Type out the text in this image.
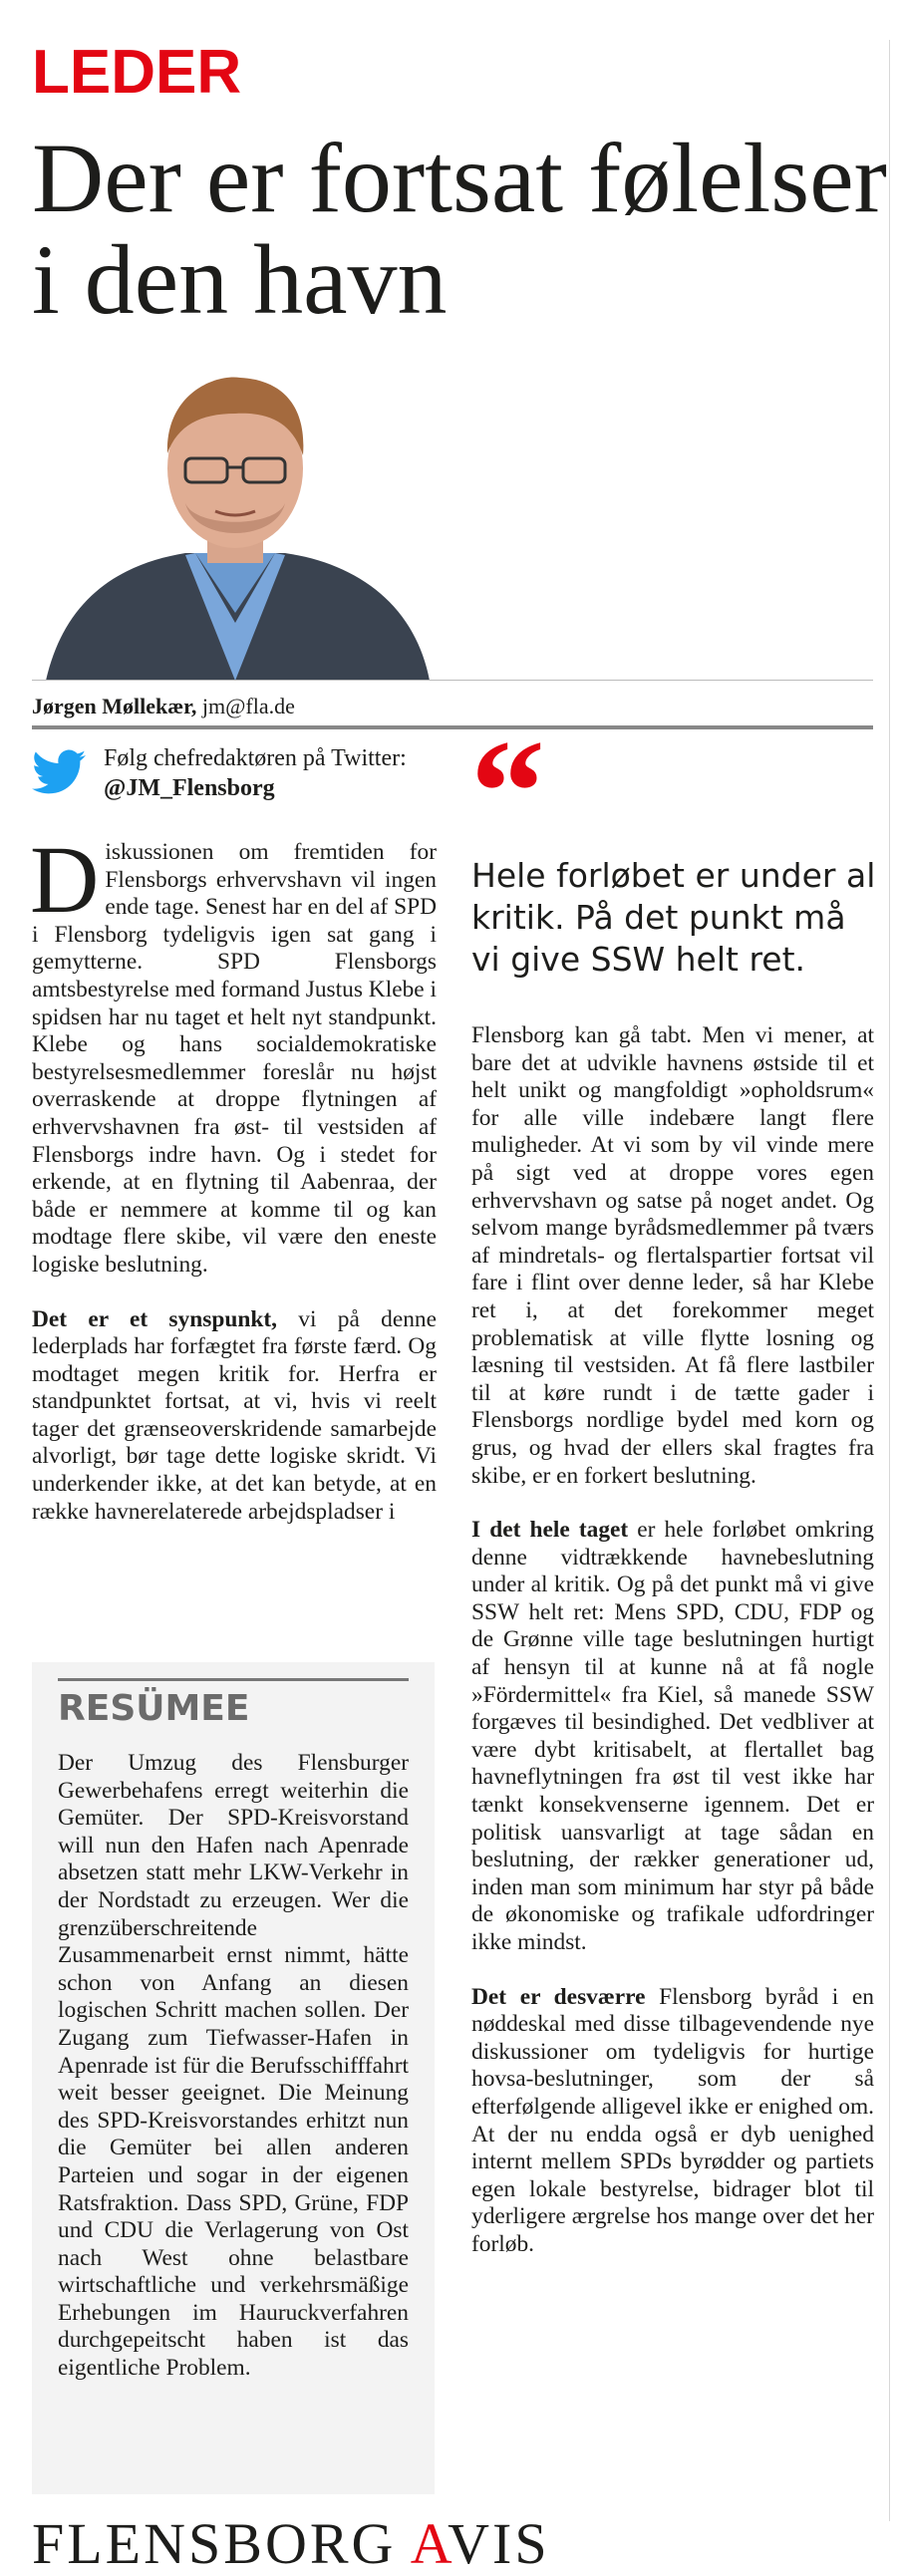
LEDER
Der er fortsat følelser i den havn
Jørgen Møllekær, jm@fla.de
Følg chefredaktøren på Twitter:
@JM_Flensborg	“
Hele forløbet er under al kritik. På det punkt må vi give SSW helt ret.

Diskussionen om fremtiden for Flensborgs erhvervshavn vil ingen ende tage. Senest har en del af SPD i Flensborg tydeligvis igen sat gang i gemytterne. SPD Flensborgs amtsbestyrelse med formand Justus Klebe i spidsen har nu taget et helt nyt standpunkt. Klebe og hans socialdemokratiske bestyrelsesmedlemmer foreslår nu højst overraskende at droppe flytningen af erhvervshavnen fra øst- til vestsiden af Flensborgs indre havn. Og i stedet for erkende, at en flytning til Aabenraa, der både er nemmere at komme til og kan modtage flere skibe, vil være den eneste logiske beslutning.

Det er et synspunkt, vi på denne lederplads har forfægtet fra første færd. Og modtaget megen kritik for. Herfra er standpunktet fortsat, at vi, hvis vi reelt tager det grænseoverskridende samarbejde alvorligt, bør tage dette logiske skridt. Vi underkender ikke, at det kan betyde, at en række havnerelaterede arbejdspladser i

Flensborg kan gå tabt. Men vi mener, at bare det at udvikle havnens østside til et helt unikt og mangfoldigt »opholdsrum« for alle ville indebære langt flere muligheder. At vi som by vil vinde mere på sigt ved at droppe vores egen erhvervshavn og satse på noget andet. Og selvom mange byrådsmedlemmer på tværs af mindretals- og flertalspartier fortsat vil fare i flint over denne leder, så har Klebe ret i, at det forekommer meget problematisk at ville flytte losning og læsning til vestsiden. At få flere lastbiler til at køre rundt i de tætte gader i Flensborgs nordlige bydel med korn og grus, og hvad der ellers skal fragtes fra skibe, er en forkert beslutning.

I det hele taget er hele forløbet omkring denne vidtrækkende havnebeslutning under al kritik. Og på det punkt må vi give SSW helt ret: Mens SPD, CDU, FDP og de Grønne ville tage beslutningen hurtigt af hensyn til at kunne nå at få nogle »Fördermittel« fra Kiel, så manede SSW forgæves til besindighed. Det vedbliver at være dybt kritisabelt, at flertallet bag havneflytningen fra øst til vest ikke har tænkt konsekvenserne igennem. Det er politisk uansvarligt at tage sådan en beslutning, der rækker generationer ud, inden man som minimum har styr på både de økonomiske og trafikale udfordringer ikke mindst.

Det er desværre Flensborg byråd i en nøddeskal med disse tilbagevendende nye diskussioner om tydeligvis for hurtige hovsa-beslutninger, som der så efterfølgende alligevel ikke er enighed om. At der nu endda også er dyb uenighed internt mellem SPDs byrødder og partiets egen lokale bestyrelse, bidrager blot til yderligere ærgrelse hos mange over det her forløb.

RESÜMEE
Der Umzug des Flensburger Gewerbehafens erregt weiterhin die Gemüter. Der SPD-Kreisvorstand will nun den Hafen nach Apenrade absetzen statt mehr LKW-Verkehr in der Nordstadt zu erzeugen. Wer die grenzüberschreitende Zusammenarbeit ernst nimmt, hätte schon von Anfang an diesen logischen Schritt machen sollen. Der Zugang zum Tiefwasser-Hafen in Apenrade ist für die Berufsschifffahrt weit besser geeignet. Die Meinung des SPD-Kreisvorstandes erhitzt nun die Gemüter bei allen anderen Parteien und sogar in der eigenen Ratsfraktion. Dass SPD, Grüne, FDP und CDU die Verlagerung von Ost nach West ohne belastbare wirtschaftliche und verkehrsmäßige Erhebungen im Hauruckverfahren durchgepeitscht haben ist das eigentliche Problem.
FLENSBORG AVIS
